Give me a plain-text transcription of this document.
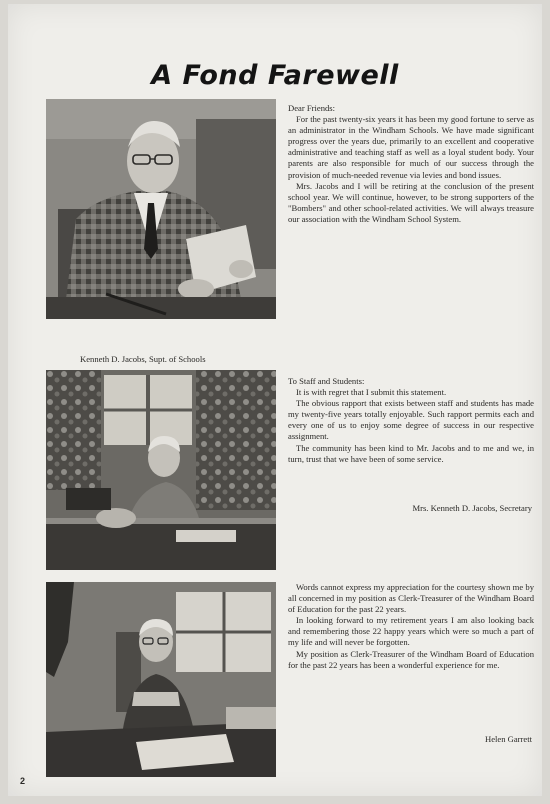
A Fond Farewell

Dear Friends:

For the past twenty-six years it has been my good fortune to serve as an administrator in the Windham Schools. We have made significant progress over the years due, primarily to an excellent and cooperative administrative and teaching staff as well as a loyal student body. Your parents are also responsible for much of our success through the provision of much-needed revenue via levies and bond issues.

Mrs. Jacobs and I will be retiring at the conclusion of the present school year. We will continue, however, to be strong supporters of the "Bombers" and other school-related activities. We will always treasure our association with the Windham School System.

Kenneth D. Jacobs, Supt. of Schools

To Staff and Students:

It is with regret that I submit this statement.

The obvious rapport that exists between staff and students has made my twenty-five years totally enjoyable. Such rapport permits each and every one of us to enjoy some degree of success in our respective assignment.

The community has been kind to Mr. Jacobs and to me and we, in turn, trust that we have been of some service.

Mrs. Kenneth D. Jacobs, Secretary

Words cannot express my appreciation for the courtesy shown me by all concerned in my position as Clerk-Treasurer of the Windham Board of Education for the past 22 years.

In looking forward to my retirement years I am also looking back and remembering those 22 happy years which were so much a part of my life and will never be forgotten.

My position as Clerk-Treasurer of the Windham Board of Education for the past 22 years has been a wonderful experience for me.

Helen Garrett
2
